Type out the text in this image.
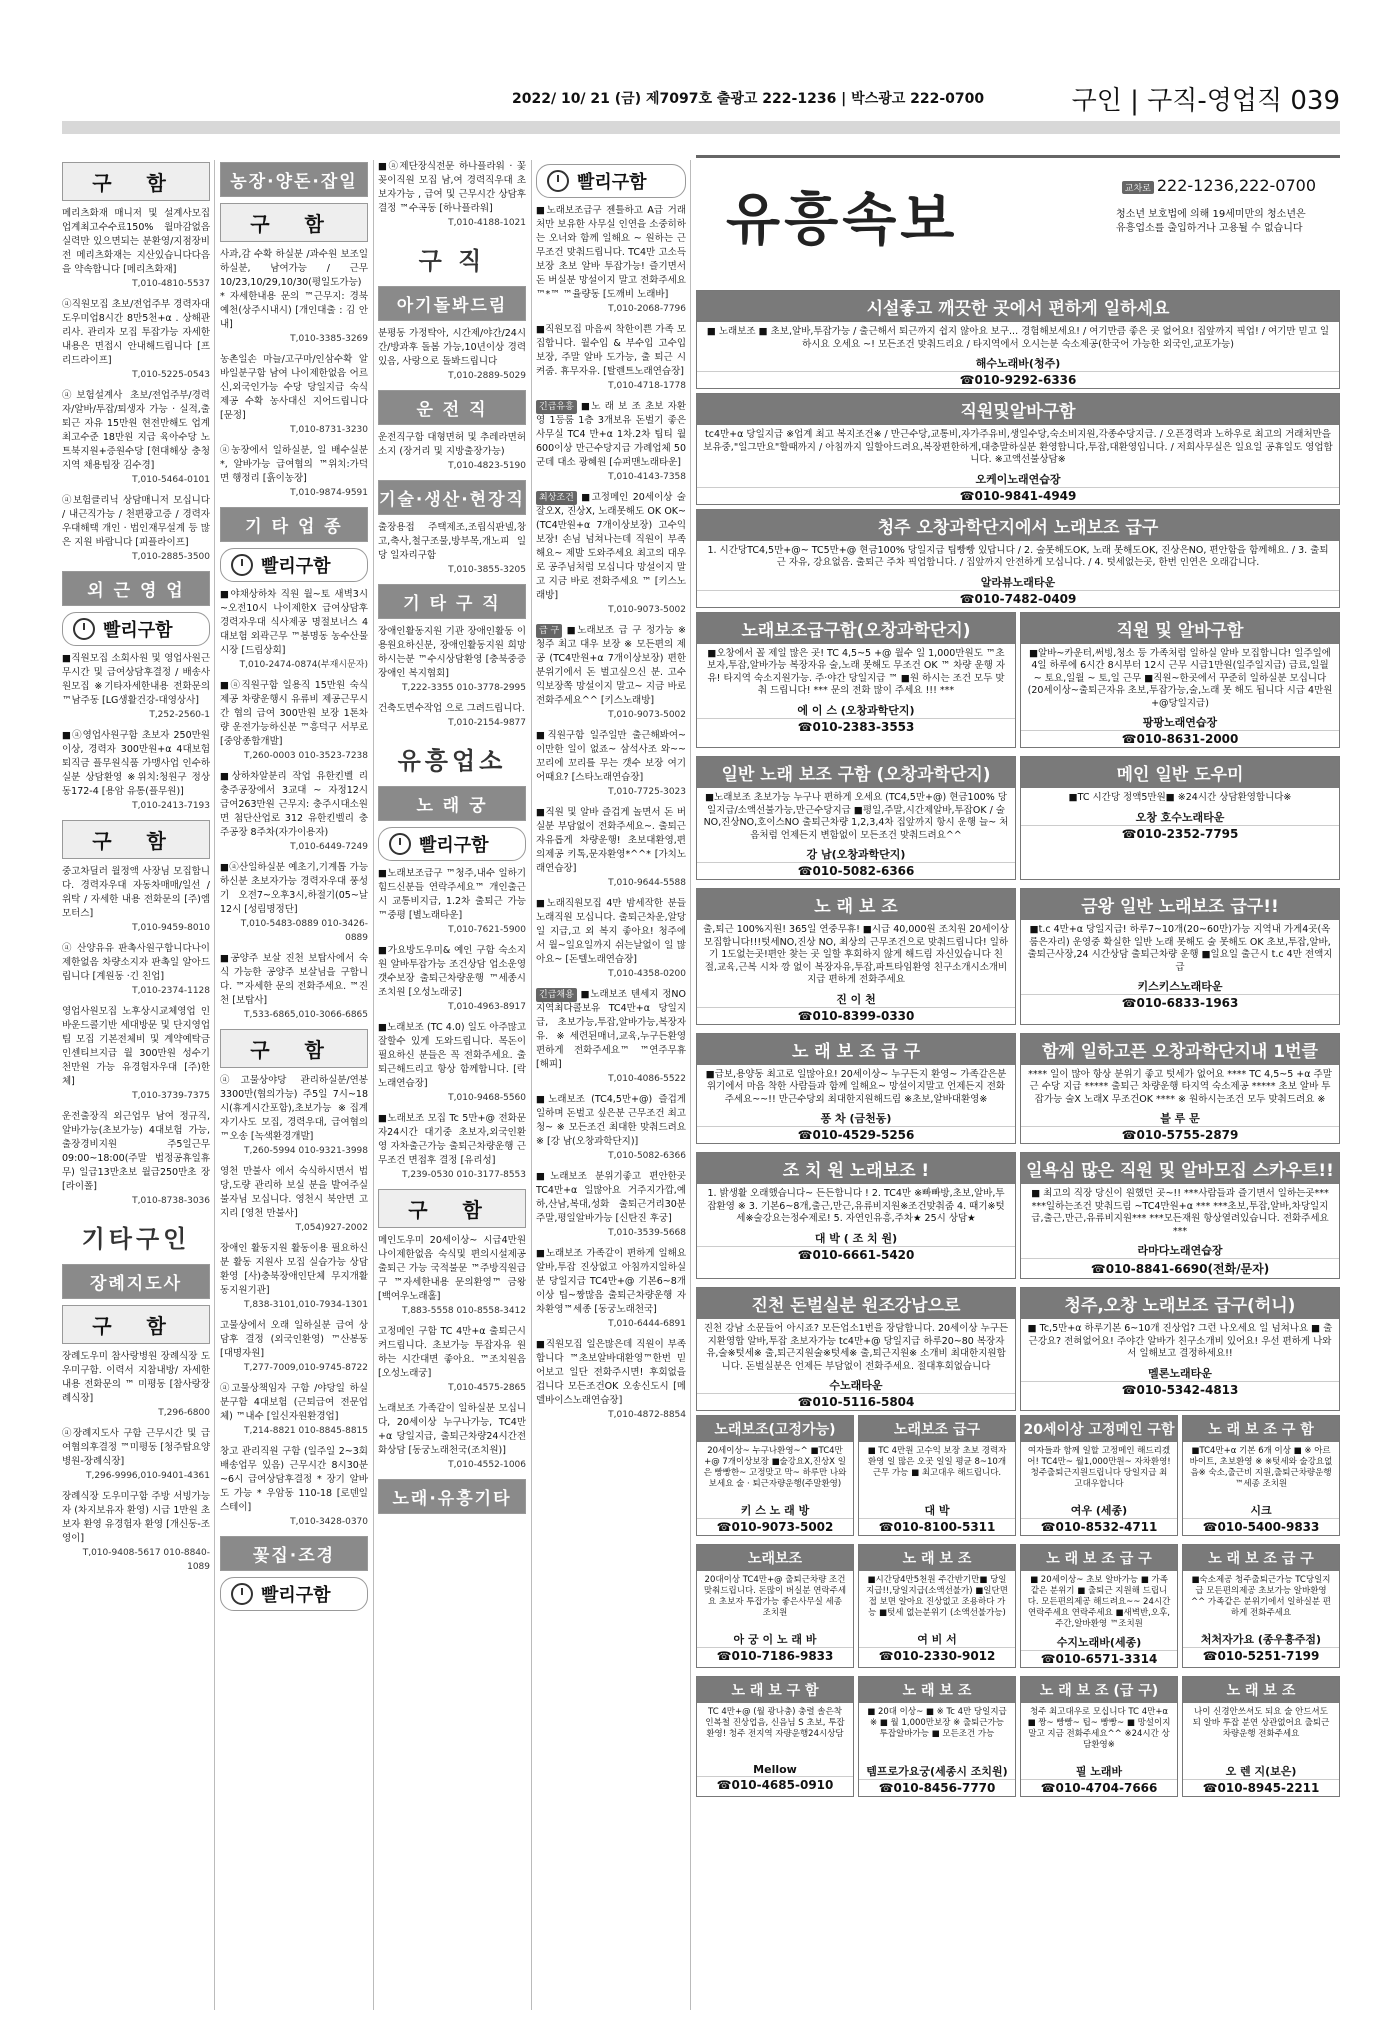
2022/ 10/ 21 (금) 제7097호 출광고 222-1236 | 박스광고 222-0700	구인 | 구직-영업직 039
구 함
메리츠화재 매니저 및 설계사모집 업계최고수수료150% 월마감없음 실력만 있으면되는 분환영/지점장비전 메리츠화재는 지산있습니다다음을 약속합니다 [메리츠화재]
T,010-4810-5537
ⓐ직원모집 초보/전업주부 경력자대 도우미업8시간 8만5천+α . 상해관리사. 관리자 모집 투잡가능 자세한 내용은 면접시 안내해드립니다 [프리드라이프]
T,010-5225-0543
ⓐ보험설계사 초보/전업주부/경력자/알바/투잡/퇴생자 가능 · 실적,출퇴근 자유 15만원 현전만해도 업계최고수준 18만원 지급 육아수당 노트북지원+증원수당 [현대해상 충청지역 채용팀장 김수경]
T,010-5464-0101
ⓐ보험클리닉 상담매니저 모십니다 / 내근직가능 / 천편광고증 / 경력자 우대해택 개인 · 법인재무설계 등 많은 지원 바랍니다 [피플라이프]
T,010-2885-3500
외 근 영 업
빨리구함
■직원모집 소회사원 및 영업사원근무시간 및 급여상담후결정 / 배송사원모집 ※기타자세한내용 전화문의 ™남주동 [LG생활건강-대영상사]
T,252-2560-1
■ⓐ영업사원구함 초보자 250만원이상, 경력자 300만원+α 4대보험 퇴직금 플무원식품 가맹사업 인수하실분 상담환영 ※위치:청원구 정상동172-4 [용암 유통(플무원)]
T,010-2413-7193
구 함
중고차딜러 월정액 사장님 모집합니다. 경력자우대 자동차매매/일선 / 위탁 / 자세한 내용 전화문의 [주)엠모터스]
T,010-9459-8010
ⓐ 산양유유 판촉사원구합니다나이제한없음 차량소지자 판촉일 알아드립니다 [계원동 ·긴 친업]
T,010-2374-1128
영업사원모집 노후상시교체영업 인바운드콜기반 세대방문 및 단지영업팀 모집 기본전체비 및 계약예탁금 인센티브지급 월 300만원 성수기 천만원 가능 유경험자우대 [주)한체]
T,010-3739-7375
운전출장직 외근업무 남여 정규직,알바가능(초보가능) 4대보험 가능,출장경비지원 주5일근무 09:00~18:00(주말 법정공휴일휴무) 일급13만초보 월급250만초 장 [라이폴]
T,010-8738-3036
기타구인
장례지도사
구 함
장례도우미 참사랑병원 장례식장 도우미구함. 이력서 지참내방/ 자세한내용 전화문의 ™ 미평동 [참사랑장례식장]
T,296-6800
ⓐ장례지도사 구함 근무시간 및 급여협의후결정 ™미평동 [청주탑요양병원-장례식장]
T,296-9996,010-9401-4361
장례식장 도우미구함 주방 서빙가능자 (차지보유자 환영) 시급 1만원 초보자 환영 유경험자 환영 [개신동-조영이]
T,010-9408-5617 010-8840-1089
농장·양돈·잡일
구 함
사과,감 수확 하실분 /과수원 보조일하실분, 남여가능 / 근무10/23,10/29,10/30(평일도가능) * 자세한내용 문의 ™근무지: 경북 예천(상주시내시) [개인대출 : 김 안내]
T,010-3385-3269
농촌일손 마늘/고구마/인삼수확 알바일분구함 남여 나이제한없음 어르신,외국인가능 수당 당일지급 숙식제공 수확 농사대신 지어드립니다 [문정]
T,010-8731-3230
ⓐ농장에서 일하실분, 일 배수실분 *, 알바가능 급여협의 ™위치:가덕면 행정리 [흙이농장]
T,010-9874-9591
기 타 업 종
빨리구함
■야채상하차 직원 월~토 새벽3시~오전10시 나이제한X 급여상담후 경력자우대 식사제공 명절보너스 4대보험 외곽근무 ™봉명동 농수산물시장 [드림상회]
T,010-2474-0874(부재시문자)
■ⓐ직원구함 일용직 15만원 숙식제공 차량운행시 유류비 제공근무시간 협의 급여 300만원 보장 1톤차량 운전가능하신분 ™흥덕구 서부로 [중앙종합개발]
T,260-0003 010-3523-7238
■상하차알분리 작업 유한킨벨 리 충주공장에서 3교대 ~ 자정12시 급여263만원 근무지: 충주시대소원면 첨단산업로 312 유한킨벨리 충주공장 8주차(자가이용자)
T,010-6449-7249
■ⓐ산일하실분 예초기,기계톱 가능하신분 초보자가능 경력자우대 풍성기 오전7~오후3시,하절기(05~날12시 [성림명정단]
T,010-5483-0889 010-3426-0889
■공양주 보살 진천 보탑사에서 숙식 가능한 공양주 보살님을 구합니다. ™자세한 문의 전화주세요. ™진천 [보탑사]
T,533-6865,010-3066-6865
구 함
ⓐ고물상야당 관리하실분/연봉3300만(협의가능) 주5일 7시~18시(휴게시간포함),초보가능 ※집계자기사도 모집, 경력우대, 급여협의 ™오송 [녹색환경개발]
T,260-5994 010-9321-3998
영천 만불사 에서 숙식하시면서 법당,도량 관리하 보실 분을 발여주실 불자님 모십니다. 영천시 북안면 고지리 [영천 만불사]
T,054)927-2002
장애인 활동지원 활동이용 필요하신분 활동 지원사 모집 실습가능 상담환영 [사)충북장애인단체 무지개활동지원기관]
T,838-3101,010-7934-1301
고물상에서 오래 일하실분 급여 상담후 결정 (외국인환영) ™산봉동 [대명자원]
T,277-7009,010-9745-8722
ⓐ고물상책임자 구함 /야당일 하실분구함 4대보험 (근퇴급여 전문업체) ™내수 [일신자원환경업]
T,214-8821 010-8845-8815
창고 관리직원 구함 (일주일 2~3회 배송업무 있음) 근무시간 8시30분~6시 급여상담후결정 * 장기 알바도 가능 * 우암동 110-18 [로덴일스테이]
T,010-3428-0370
꽃집·조경
빨리구함
■ⓐ제단장식전문 하나플라워 · 꽃꽂이직원 모집 남,여 경력직우대 초보자가능 , 급여 및 근무시간 상담후결정 ™수곡동 [하나플라워]
T,010-4188-1021
구 직
아기돌봐드림
분평동 가정탁아, 시간제/야간/24시간/방과후 돌봄 가능,10년이상 경력있음, 사랑으로 돌봐드립니다
T,010-2889-5029
운 전 직
운전직구함 대형면허 및 추레라면허소지 (장거리 및 지방출장가능)
T,010-4823-5190
기술·생산·현장직
출장용접 주택제조,조립식판넬,창고,축사,철구조물,방부목,개노피 일당 일자리구함
T,010-3855-3205
기 타 구 직
장애인활동지원 기관 장애인활동 이용원요하신분, 장애인활동지원 희망하시는분 ™수시상담환영 [충북중증장애인 복지협회]
T,222-3355 010-3778-2995
건축도면수작업 으로 그려드립니다.
T,010-2154-9877
유흥업소
노 래 궁
빨리구함
■노래보조급구 ™청주,내수 일하기힘드신분들 연락주세요™ 개인출근시 교통비지급, 1.2차 출퇴근 가능 ™중평 [별노래타운]
T,010-7621-5900
■가요방도우미& 예인 구함 숙소지원 알바투잡가능 조건상담 업소운영 갯수보장 출퇴근차량운행 ™세종시 조치원 [오성노래궁]
T,010-4963-8917
■노래보조 (TC 4.0) 일도 아주많고 잘할수 있게 도와드립니다. 목돈이 필요하신 분들은 꼭 전화주세요. 출퇴근해드리고 항상 함께합니다. [락노래연습장]
T,010-9468-5560
■노래보조 모집 Tc 5만+@ 전화문자24시간 대기중 초보자,외국인환영 자차출근가능 출퇴근차량운행 근무조건 면접후 결정 [유리성]
T,239-0530 010-3177-8553
구 함
메인도우미 20세이상~ 시급4만원 나이제한없음 숙식및 편의시설제공 출퇴근 가능 국적불문 ™주방직원급구 ™자세한내용 문의환영™ 금왕 [백여우노래홀]
T,883-5558 010-8558-3412
고정메인 구함 TC 4만+α 출퇴근시켜드립니다. 초보가능 투잡자유 원하는 시간대면 좋아요. ™조치원음 [오성노래궁]
T,010-4575-2865
노래보조 가족같이 일하실분 모십니다, 20세이상 누구나가능, TC4만+α 당일지급, 출퇴근차량24시간전화상담 [동궁노래천국(조치원)]
T,010-4552-1006
노래·유흥기타
빨리구함
■노래보조급구 젠틀하고 A급 거래처만 보유한 사무실 인연을 소중히하는 오너와 함께 일해요 ~ 원하는 근무조건 맞춰드립니다. TC4만 고소득보장 초보 알바 투잡가능! 즐기면서 돈 버실분 망설이지 말고 전화주세요 ™*™ ™율량동 [도깨비 노래바]
T,010-2068-7796
■직원모집 마음씨 착한이쁜 가족 모집합니다. 월수입 & 부수입 고수입 보장, 주말 알바 도가능, 출 퇴근 시켜줌. 휴무자유. [탈렌트노래연습장]
T,010-4718-1778
긴급유흥 ■노 래 보 조 초보 자환영 1등룸 1층 3개보유 돈벌기 좋은사무실 TC4 만+α 1차.2차 팁티 월600이상 만근수당지급 가례업체 50군데 대소 광혜원 [슈퍼맨노래타운]
T,010-4143-7358
최상조건 ■고정메인 20세이상 술잘오X, 진상X, 노래못해도 OK OK~ (TC4만원+α 7개이상보장) 고수익보장! 손님 넘쳐나는데 직원이 부족해요~ 제발 도와주세요 최고의 대우로 공주님처럼 모십니다 망설이지 말고 지금 바로 전화주세요 ™ [키스노래방]
T,010-9073-5002
급 구 ■노래보조 급 구 정가능 ※청주 최고 대우 보장 ※ 모든편의 제공 (TC4만원+α 7개이상보장) 편한분위기에서 돈 벌고싶으신 분. 고수익보장쪽 망설이지 말고~ 지금 바로 전화주세요^^ [키스노래방]
T,010-9073-5002
■직원구함 일주일만 출근해봐여~ 이만한 일이 없죠~ 삼석사조 와~~ 꼬리에 꼬리를 무는 갯수 보장 여기 어때요? [스타노래연습장]
T,010-7725-3023
■직원 및 알바 즐겁게 놀면서 돈 버실분 부담없이 전화주세요~. 출퇴근 자유롭게 차량운행! 초보대환영,편의제공 키톡,문자환영*^^* [가치노래연습장]
T,010-9644-5588
■노래직원모집 4만 밤세작한 분들노래직원 모십니다. 출퇴근차운,알당일 지급,고 외 복지 좋아요! 청주에서 월~일요일까지 쉬는날없이 일 많아요~ [돈텔노래연습장]
T,010-4358-0200
긴급채용 ■노래보조 텐세지 정NO 지역최다콜보유 TC4만+α 당일지급, 초보가능,투잡,알바가능,복장자유. ※세련된매너,교육,누구든환영 편하게 전화주세요™ ™연주무휴 [해피]
T,010-4086-5522
■노래보조 (TC4,5만+@) 즐겁게 일하며 돈벌고 싶은분 근무조건 최고 청~ ※ 모든조건 최대한 맞춰드려요 ※ [강 남(오창과학단지)]
T,010-5082-6366
■노래보조 분위기좋고 편안한곳TC4만+α 일많아요 거주지가깝,예하,산남,복대,성화 출퇴근거리30분 주말,평일알바가능 [신탄진 후궁]
T,010-3539-5668
■노래보조 가족같이 편하게 일해요 알바,투잡 진상없고 아침까지일하실분 당일지급 TC4만+@ 기본6~8개이상 팁~짱많음 출퇴근차량운행 자차환영™세종 [동궁노래천국]
T,010-6444-6891
■직원모집 일은많은데 직원이 부족합니다 ™초보알바대환영™한번 믿어보고 일단 전화주시면! 후회없을겁니다 모든조건OK 오송신도시 [메델바이스노래연습장]
T,010-4872-8854
유흥속보	교차로 222-1236,222-0700
청소년 보호법에 의해 19세미만의 청소년은 유흥업소를 출입하거나 고용될 수 없습니다
시설좋고 깨끗한 곳에서 편하게 일하세요
■ 노래보조 ■ 초보,알바,투잡가능 / 출근해서 퇴근까지 쉽지 않아요 보구... 경험해보세요! / 여기만큼 좋은 곳 없어요! 집앞까지 픽업! / 여기만 믿고 일하시요 오세요 ~! 모든조건 맞춰드리요 / 타지역에서 오시는분 숙소제공(한국어 가능한 외국인,교포가능)
해수노래바(청주)
☎010-9292-6336
직원및알바구함
tc4만+α 당일지급 ※업계 최고 복지조건※ / 만근수당,교통비,자가주유비,생일수당,숙소비지원,각종수당지급. / 오픈경력과 노하우로 최고의 거래처만을 보유중,"일그만요"할때까지 / 아침까지 일할아드려요,복장편한하게,대충말하실분 환영합니다,투잡,대환영입니다. / 저희사무실은 일요일 공휴일도 영업합니다. ※고액선불상담※
오케이노래연습장
☎010-9841-4949
청주 오창과학단지에서 노래보조 급구
1. 시간당TC4,5만+@~ TC5만+@ 현금100% 당일지급 팁빵빵 있답니다 / 2. 술못해도OK, 노래 못해도OK, 진상은NO, 편안함을 함께해요. / 3. 출퇴근 자유, 강요없음. 출퇴근 주차 픽업합니다. / 집앞까지 안전하게 모십니다. / 4. 텃세없는곳, 한번 인연은 오래갑니다.
알라뷰노래타운
☎010-7482-0409
노래보조급구함(오창과학단지)
■오창에서 꼴 제일 많은 곳! TC 4,5~5 +@ 월수 일 1,000만원도 ™초보자,투잡,알바가능 복장자유 술,노래 못해도 무조건 OK ™ 차량 운행 자유! 타지역 숙소지원가능. 주·야간 당일지급 ™ ■원 하시는 조건 모두 맞춰 드립니다! *** 문의 전화 많이 주세요 !!! ***
에 이 스 (오창과학단지)
☎010-2383-3553
직원 및 알바구함
■알바~카운터,써빙,청소 등 가족처럼 일하실 알바 모집합니다! 일주일에 4일 하루에 6시간 8시부터 12시 근무 시급1만원(일주일지급) 급료,일월 ~ 토요,일월 ~ 토,일 근무 ■직원~한곳에서 꾸준히 일하실분 모십니다(20세이상~출퇴근자유 초보,투잡가능,술,노래 못 해도 됩니다 시급 4만원+@당일지급)
팡팡노래연습장
☎010-8631-2000
일반 노래 보조 구함 (오창과학단지)
■노래보조 초보가능 누구나 편하게 오세요 (TC4,5만+@) 현금100% 당일지급/소액선불가능,만근수당지급 ■평일,주말,시간제알바,투잡OK / 술NO,진상NO,호이스NO 출퇴근차량 1,2,3,4차 집앞까지 항시 운행 늘~ 처음처럼 언제든지 변함없이 모든조건 맞춰드려요^^
강 남(오창과학단지)
☎010-5082-6366
메인 일반 도우미
■TC 시간당 정액5만원■ ※24시간 상담환영합니다※
오창 호수노래타운
☎010-2352-7795
노 래 보 조
출,퇴근 100%지원! 365일 연중무휴! ■시급 40,000원 조치원 20세이상 모집합니다!!!텃세NO,진상 NO, 최상의 근무조건으로 맞춰드립니다! 일하기 1도없는곳!편안 찾는 곳 일할 후회하지 않게 해드림 자신있습니다 친절,교육,근복 시차 깡 없이 복장자유,투잡,파트타임환영 친구소개시소개비지급 편하게 전화주세요
진 이 천
☎010-8399-0330
금왕 일반 노래보조 급구!!
■t.c 4만+α 당일지급! 하루7~10개(20~60만)가능 지역내 가게4곳(옥룸은자리) 운영중 확실한 일반 노래 못해도 술 못해도 OK 초보,투잡,알바,출퇴근사장,24 시간상담 출퇴근차량 운행 ■일요일 출근시 t.c 4만 전액지급
키스키스노래타운
☎010-6833-1963
노 래 보 조 급 구
■급보,용양동 최고로 일많아요! 20세이상~ 누구든지 환영~ 가족같은분위기에서 마음 착한 사람들과 함께 일해요~ 망설이지말고 언제든지 전화주세요~~!! 만근수당외 최대한지원해드림 ※초보,알바대환영※
퐁 차 (금천동)
☎010-4529-5256
함께 일하고픈 오창과학단지내 1번클
**** 일이 많아 항상 분위기 좋고 텃세가 없어요 **** TC 4,5~5 +α 주말근 수당 지급 ***** 출퇴근 차량운행 타지역 숙소제공 ***** 초보 알바 투잡가능 술X 노래X 무조건OK **** ※ 원하시는조건 모두 맞춰드려요 ※
블 루 문
☎010-5755-2879
조 치 원 노래보조 !
1. 밝생활 오래했습니다~ 든든합니다 ! 2. TC4만 ※빠빠방,초보,알바,투잡환영 ※ 3. 기본6~8개,출근,만근,유류비지원※조건맞춰줌 4. 때기※텃세※술강요는정수제로! 5. 자연인유흥,주차★ 25시 상담★
대 박 ( 조 치 원)
☎010-6661-5420
일욕심 많은 직원 및 알바모집 스카우트!!
■ 최고의 직장 당신이 원했던 곳~!! ***사람들과 즐기면서 일하는곳*** ***일하는조건 맞춰드림 ~TC4만원+α *** ***초보,투잡,알바,차당일지급,출근,만근,유류비지원*** ***모든재원 항상열려있습니다. 전화주세요***
라마다노래연습장
☎010-8841-6690(전화/문자)
진천 돈벌실분 원조강남으로
진천 강남 소문들어 아시죠? 모든업소1번을 장담합니다. 20세이상 누구든지환영합 알바,투잡 초보자가능 tc4만+@ 당일지급 하루20~80 복장자유,술※텃세※ 출,퇴근지원술※텃세※ 출,퇴근지원※ 소개비 최대한지원합니다. 돈벌실분은 언제든 부담없이 전화주세요. 절대후회없습니다
수노래타운
☎010-5116-5804
청주,오창 노래보조 급구(허니)
■ Tc,5만+α 하루기본 6~10개 진상업? 그런 나오세요 일 넘쳐나요 ■ 출근강요? 전혀없어요! 주야간 알바가 친구소개비 있어요! 우선 편하게 나와서 일해보고 결정하세요!!
멜론노래타운
☎010-5342-4813
노래보조(고정가능)
20세이상~ 누구나환영~^ ■TC4만+@ 7개이상보장 ■술강요X,진상X 일은 빵빵한~ 고정맞고 막~ 하루만 나와보세요 술 · 퇴근자량운행(주말환영)
키 스 노 래 방
☎010-9073-5002
노래보조 급구
■ TC 4만원 고수익 보장 초보 경력자 환영 일 많은 오곳 일일 평균 8~10개 근무 가능 ■ 최고대우 해드립니다.
대 박
☎010-8100-5311
20세이상 고정메인 구함
여자들과 함께 일할 고정메인 해드리겠어! TC4만~ 월1,000만원~ 자차환영! 청주출퇴근지원드립니다 당일지급 최고대우합니다
여우 (세종)
☎010-8532-4711
노 래 보 조 구 함
■TC4만+α 기본 6개 이상 ■ ※ 아르바이트, 초보환영 ※ ※텃세와 술강요없음※ 숙소,출근비 지원,출퇴근차량운행 ™세종 조치원
시크
☎010-5400-9833
노래보조
20대이상 TC4만+@ 출퇴근차량 조건 맞춰드립니다. 돈많이 버실분 연락주세요 초보자 투잡가능 좋은사무실 세종 조치원
아 궁 이 노 래 바
☎010-7186-9833
노 래 보 조
■시간당4만5천원 주간반기만■ 당일지급!!,당일지급(소액선불가) ■일단면접 보면 알아요 진상없고 조용하다 가능 ■텃세 없는분위기 (소액선불가능)
여 비 서
☎010-2330-9012
노 래 보 조 급 구
■ 20세이상~ 초보 알바가능 ■ 가족같은 분위기 ■ 출퇴근 지원해 드립니다. 모든편의제공 해드려요~~ 24시간 연락주세요 연락주세요 ■새벽반,오후,주간,알바환영 ™조치원
수지노래바(세종)
☎010-6571-3314
노 래 보 조 급 구
■숙소제공 청주출퇴근가능 TC당일지급 모든편의제공 초보가능 알바환영^^ 가족같은 분위기에서 일하실분 편하게 전화주세요
처처자가요 (종우흥주점)
☎010-5251-7199
노 래 보 구 함
TC 4만+@ (월 광나충) 충렬 솔은착 인복철 진상업음, 신음님 S 초보, 투잡환영! 청주 전지역 자량운행24시상담
Mellow
☎010-4685-0910
노 래 보 조
■ 20대 이상~ ■ ※ Tc 4만 당일지급 ※ ■ 월 1,000만보장 ※ 출퇴근가능 투잡알바가능 ■ 모든조건 가능
템프로가요궁(세종시 조치원)
☎010-8456-7770
노 래 보 조 (급 구)
청주 최고대우로 모십니다 TC 4만+α ■ 짱~ 빵빵~ 팁~ 빵빵~ ■ 망설이지말고 지금 전화주세요^^ ※24시간 상담환영※
필 노래바
☎010-4704-7666
노 래 보 조
나이 신경안쓰셔도 되요 술 안드셔도 되 알바 투잡 분연 상관없어요 출퇴근 차량운행 전화주세요
오 렌 지(보은)
☎010-8945-2211
